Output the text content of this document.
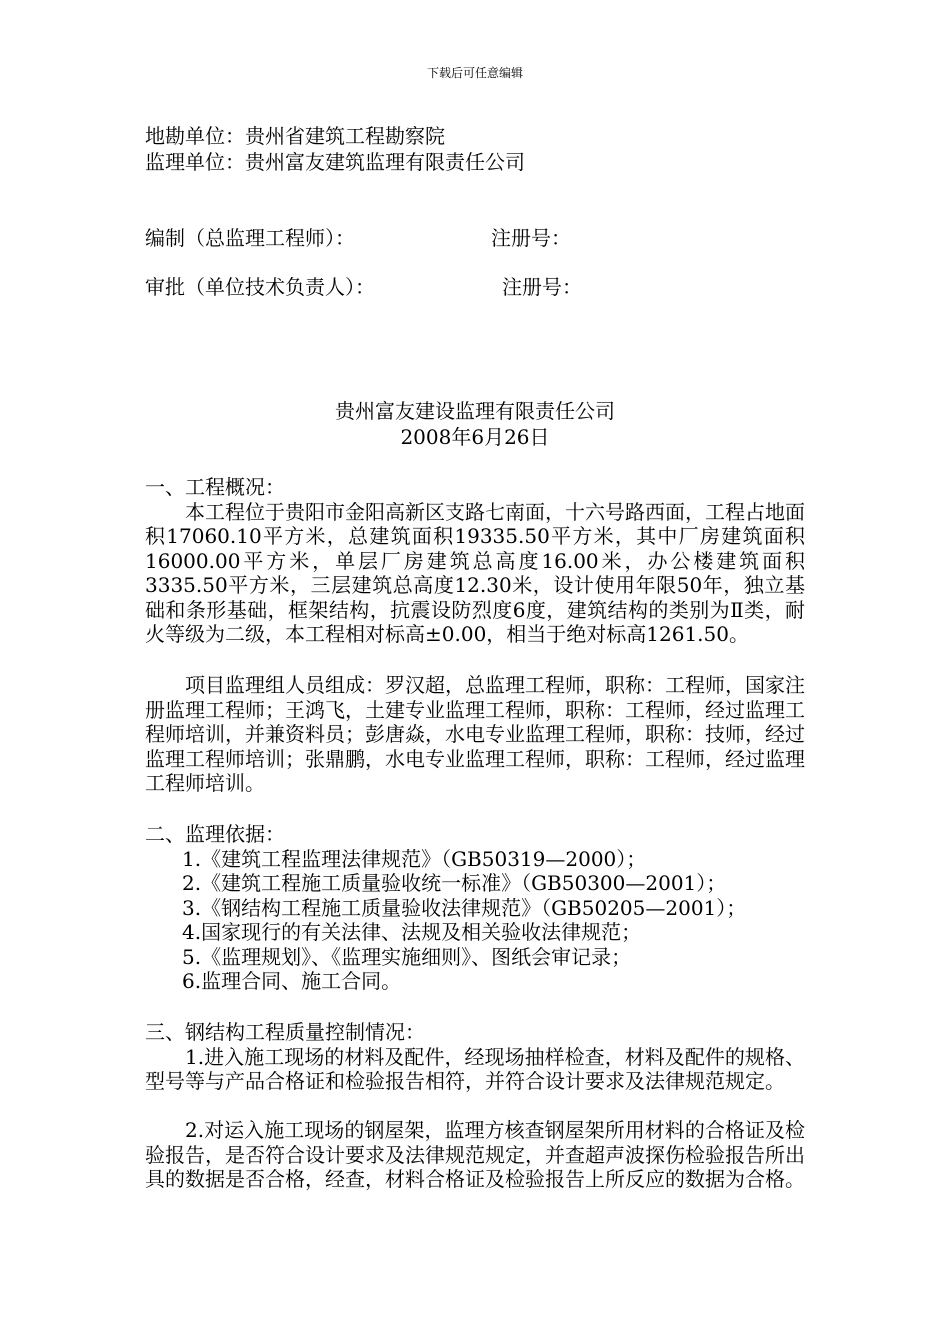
下载后可任意编辑
地勘单位：贵州省建筑工程勘察院
监理单位：贵州富友建筑监理有限责任公司
编制（总监理工程师）：	注册号：
审批（单位技术负责人）：	注册号：
贵州富友建设监理有限责任公司
2008年6月26日
一、工程概况：
本工程位于贵阳市金阳高新区支路七南面，十六号路西面，工程占地面积17060.10平方米，总建筑面积19335.50平方米，其中厂房建筑面积16000.00平方米，单层厂房建筑总高度16.00米，办公楼建筑面积3335.50平方米，三层建筑总高度12.30米，设计使用年限50年，独立基础和条形基础，框架结构，抗震设防烈度6度，建筑结构的类别为Ⅱ类，耐火等级为二级，本工程相对标高±0.00，相当于绝对标高1261.50。
项目监理组人员组成：罗汉超，总监理工程师，职称：工程师，国家注册监理工程师；王鸿飞，土建专业监理工程师，职称：工程师，经过监理工程师培训，并兼资料员；彭唐焱，水电专业监理工程师，职称：技师，经过监理工程师培训；张鼎鹏，水电专业监理工程师，职称：工程师，经过监理工程师培训。
二、监理依据：
1.《建筑工程监理法律规范》（GB50319—2000）；
2.《建筑工程施工质量验收统一标准》（GB50300—2001）；
3.《钢结构工程施工质量验收法律规范》（GB50205—2001）；
4.国家现行的有关法律、法规及相关验收法律规范；
5.《监理规划》、《监理实施细则》、图纸会审记录；
6.监理合同、施工合同。
三、钢结构工程质量控制情况：
1.进入施工现场的材料及配件，经现场抽样检查，材料及配件的规格、型号等与产品合格证和检验报告相符，并符合设计要求及法律规范规定。
2.对运入施工现场的钢屋架，监理方核查钢屋架所用材料的合格证及检验报告，是否符合设计要求及法律规范规定，并查超声波探伤检验报告所出具的数据是否合格，经查，材料合格证及检验报告上所反应的数据为合格。
